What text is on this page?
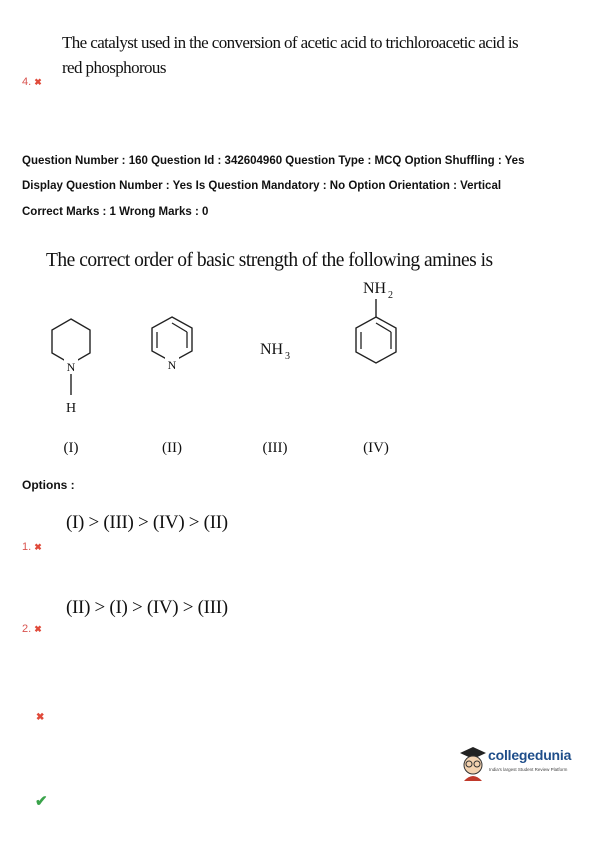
The catalyst used in the conversion of acetic acid to trichloroacetic acid is red phosphorous
4. ✖
Question Number : 160 Question Id : 342604960 Question Type : MCQ Option Shuffling : Yes
Display Question Number : Yes Is Question Mandatory : No Option Orientation : Vertical
Correct Marks : 1 Wrong Marks : 0
The correct order of basic strength of the following amines is
N
H
N
NH 3
NH 2
(I)	(II)	(III)	(IV)
Options :
(I) > (III) > (IV) > (II)
1. ✖
(II) > (I) > (IV) > (III)
2. ✖
✖
✔
collegedunia
India's largest Student Review Platform
